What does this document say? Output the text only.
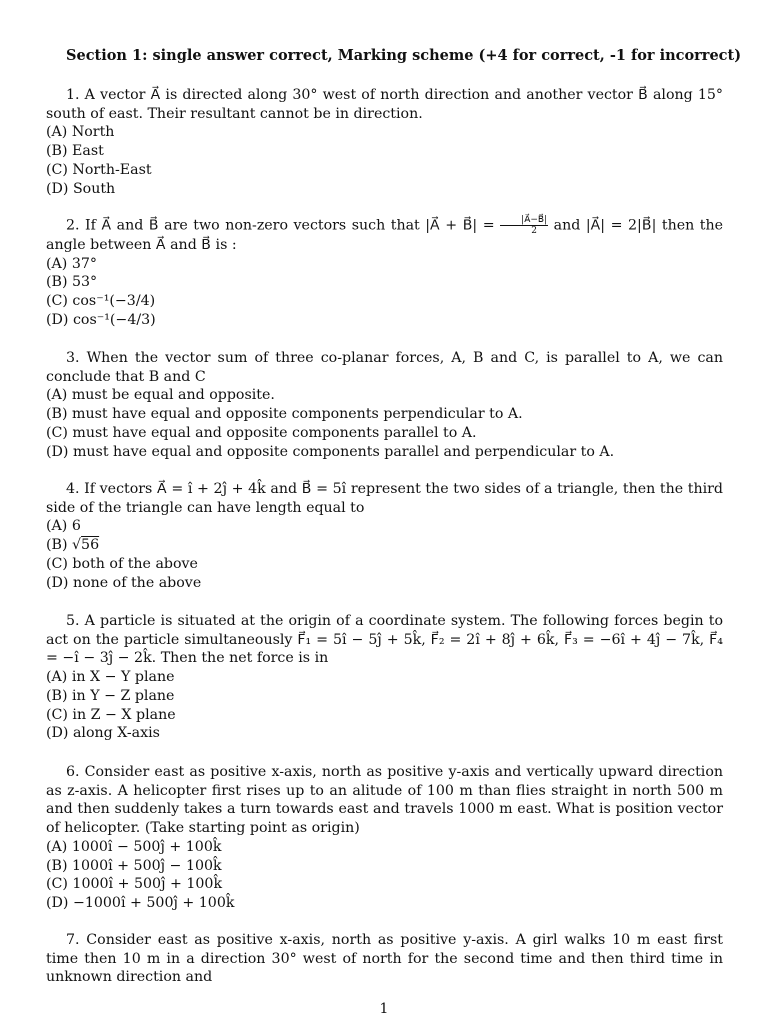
Section 1: single answer correct, Marking scheme (+4 for correct, -1 for incorrect)
1. A vector A⃗ is directed along 30° west of north direction and another vector B⃗ along 15° south of east. Their resultant cannot be in direction.
(A) North
(B) East
(C) North-East
(D) South
2. If A⃗ and B⃗ are two non-zero vectors such that |A⃗ + B⃗| = $\frac{|A⃗-B⃗|}{2}$ and |A⃗| = 2|B⃗| then the angle between A⃗ and B⃗ is :
(A) 37°
(B) 53°
(C) cos⁻¹(−3/4)
(D) cos⁻¹(−4/3)
3. When the vector sum of three co-planar forces, A, B and C, is parallel to A, we can conclude that B and C
(A) must be equal and opposite.
(B) must have equal and opposite components perpendicular to A.
(C) must have equal and opposite components parallel to A.
(D) must have equal and opposite components parallel and perpendicular to A.
4. If vectors A⃗ = î + 2ĵ + 4k̂ and B⃗ = 5î represent the two sides of a triangle, then the third side of the triangle can have length equal to
(A) 6
(B) √56
(C) both of the above
(D) none of the above
5. A particle is situated at the origin of a coordinate system. The following forces begin to act on the particle simultaneously F⃗₁ = 5î − 5ĵ + 5k̂, F⃗₂ = 2î + 8ĵ + 6k̂, F⃗₃ = −6î + 4ĵ − 7k̂, F⃗₄ = −î − 3ĵ − 2k̂. Then the net force is in
(A) in X − Y plane
(B) in Y − Z plane
(C) in Z − X plane
(D) along X-axis
6. Consider east as positive x-axis, north as positive y-axis and vertically upward direction as z-axis. A helicopter first rises up to an alitude of 100 m than flies straight in north 500 m and then suddenly takes a turn towards east and travels 1000 m east. What is position vector of helicopter. (Take starting point as origin)
(A) 1000î − 500ĵ + 100k̂
(B) 1000î + 500ĵ − 100k̂
(C) 1000î + 500ĵ + 100k̂
(D) −1000î + 500ĵ + 100k̂
7. Consider east as positive x-axis, north as positive y-axis. A girl walks 10 m east first time then 10 m in a direction 30° west of north for the second time and then third time in unknown direction and
1
